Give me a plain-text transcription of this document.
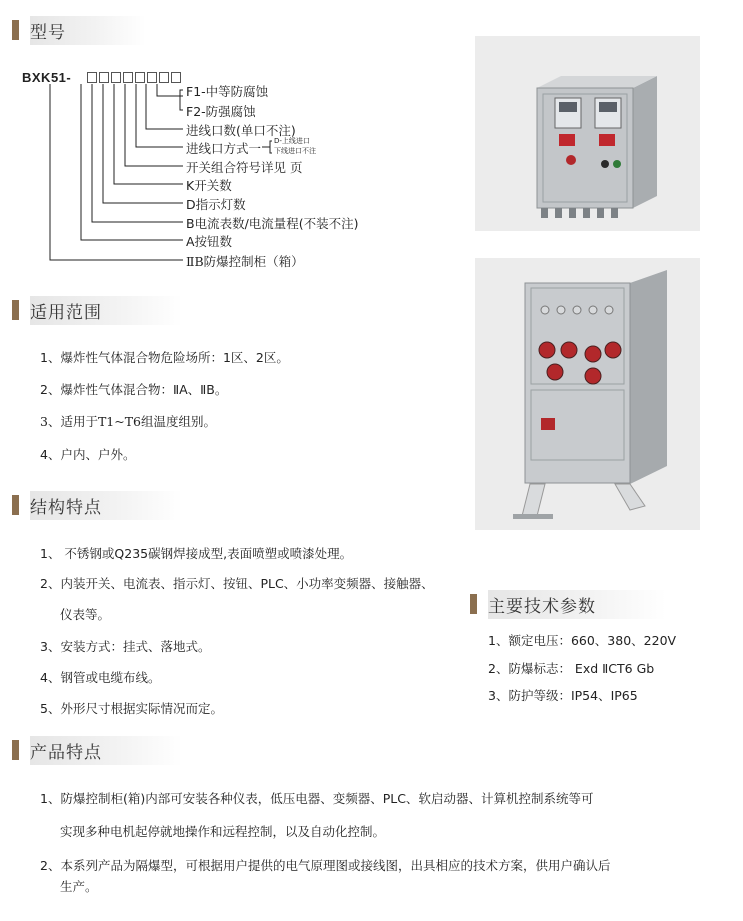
型号
BXK51-
F1-中等防腐蚀
F2-防强腐蚀
进线口数(单口不注)
进线口方式一 D-上线进口
下线进口不注
开关组合符号详见 页
K开关数
D指示灯数
B电流表数/电流量程(不装不注)
A按钮数
ⅡB防爆控制柜（箱）
适用范围
1、爆炸性气体混合物危险场所：1区、2区。
2、爆炸性气体混合物：ⅡA、ⅡB。
3、适用于T1~T6组温度组别。
4、户内、户外。
结构特点
1、 不锈钢或Q235碳钢焊接成型,表面喷塑或喷漆处理。
2、内装开关、电流表、指示灯、按钮、PLC、小功率变频器、接触器、
仪表等。
3、安装方式：挂式、落地式。
4、钢管或电缆布线。
5、外形尺寸根据实际情况而定。
主要技术参数
1、额定电压：660、380、220V
2、防爆标志： Exd ⅡCT6 Gb
3、防护等级：IP54、IP65
产品特点
1、防爆控制柜(箱)内部可安装各种仪表，低压电器、变频器、PLC、软启动器、计算机控制系统等可
实现多种电机起停就地操作和远程控制，以及自动化控制。
2、本系列产品为隔爆型，可根据用户提供的电气原理图或接线图，出具相应的技术方案，供用户确认后
生产。
